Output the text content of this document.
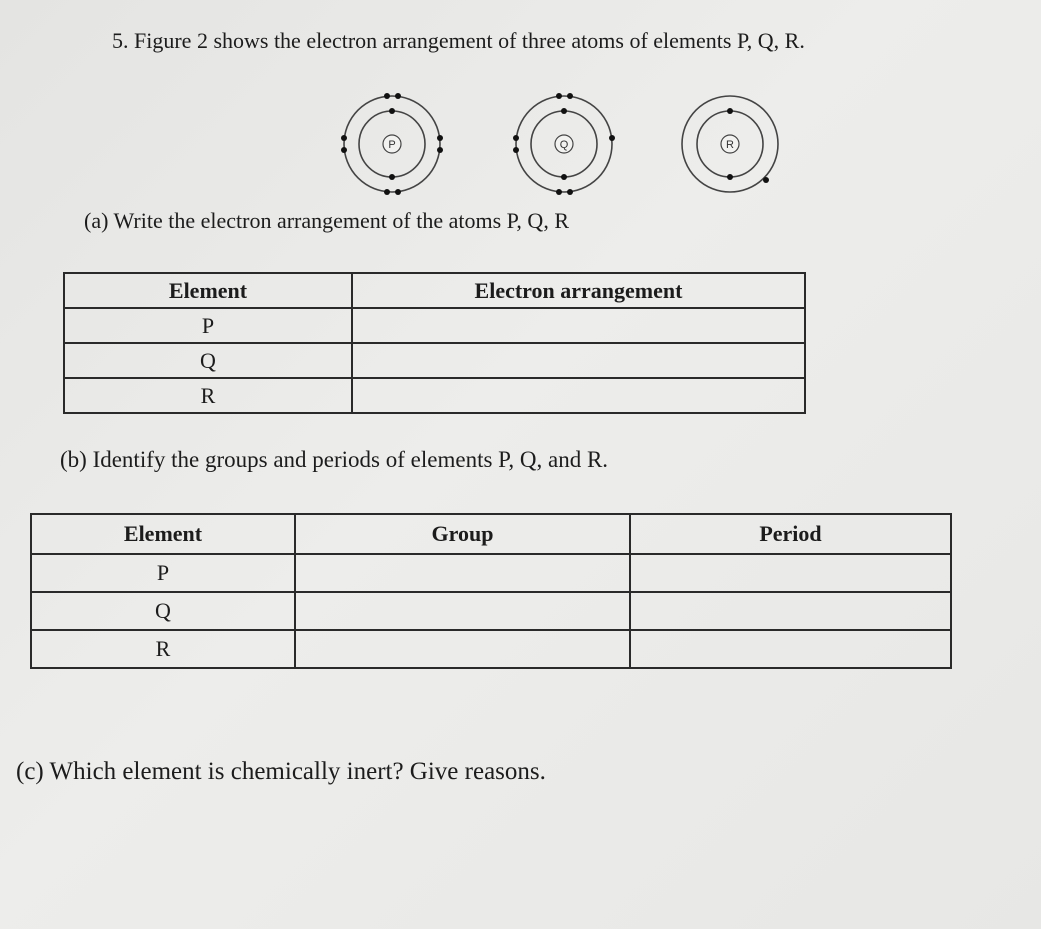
5. Figure 2 shows the electron arrangement of three atoms of elements P, Q, R.
P	Q	R
(a) Write the electron arrangement of the atoms P, Q, R
Element	Electron arrangement
P	
Q	
R	
(b) Identify the groups and periods of elements P, Q, and R.
Element	Group	Period
P		
Q		
R		
(c) Which element is chemically inert? Give reasons.
